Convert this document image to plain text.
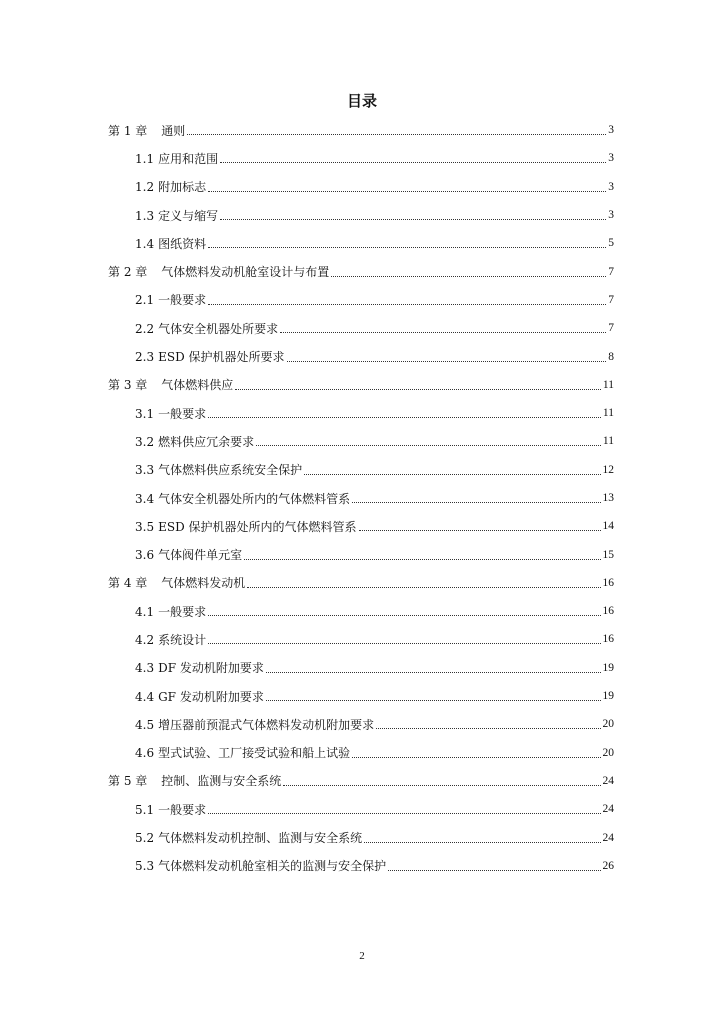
目录
第 1 章 通则	3
1.1 应用和范围	3
1.2 附加标志	3
1.3 定义与缩写	3
1.4 图纸资料	5
第 2 章 气体燃料发动机舱室设计与布置	7
2.1 一般要求	7
2.2 气体安全机器处所要求	7
2.3 ESD 保护机器处所要求	8
第 3 章 气体燃料供应	11
3.1 一般要求	11
3.2 燃料供应冗余要求	11
3.3 气体燃料供应系统安全保护	12
3.4 气体安全机器处所内的气体燃料管系	13
3.5 ESD 保护机器处所内的气体燃料管系	14
3.6 气体阀件单元室	15
第 4 章 气体燃料发动机	16
4.1 一般要求	16
4.2 系统设计	16
4.3 DF 发动机附加要求	19
4.4 GF 发动机附加要求	19
4.5 增压器前预混式气体燃料发动机附加要求	20
4.6 型式试验、工厂接受试验和船上试验	20
第 5 章 控制、监测与安全系统	24
5.1 一般要求	24
5.2 气体燃料发动机控制、监测与安全系统	24
5.3 气体燃料发动机舱室相关的监测与安全保护	26
2
